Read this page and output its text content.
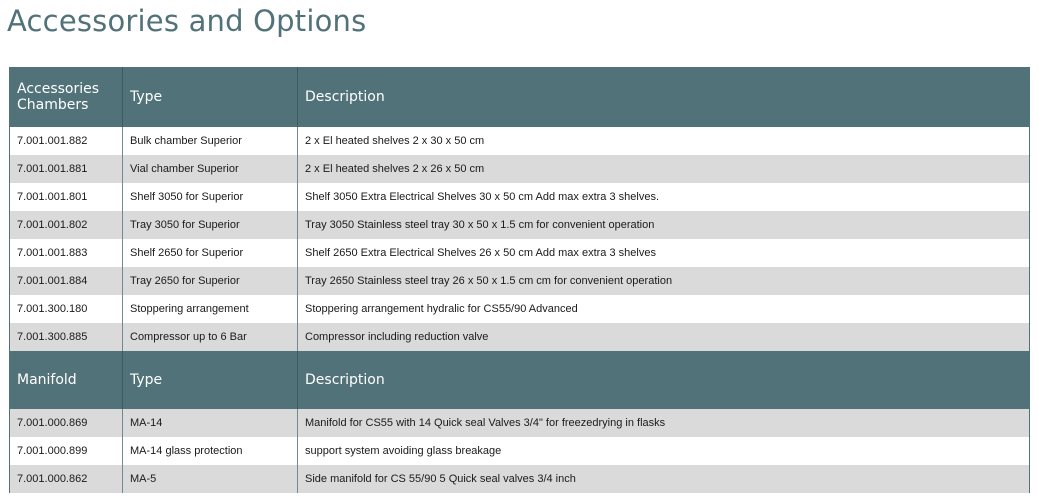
Accessories and Options
Accessories Chambers	Type	Description
7.001.001.882	Bulk chamber Superior	2 x El heated shelves 2 x 30 x 50 cm
7.001.001.881	Vial chamber Superior	2 x El heated shelves 2 x 26 x 50 cm
7.001.001.801	Shelf 3050 for Superior	Shelf 3050 Extra Electrical Shelves 30 x 50 cm Add max extra 3 shelves.
7.001.001.802	Tray 3050 for Superior	Tray 3050 Stainless steel tray 30 x 50 x 1.5 cm for convenient operation
7.001.001.883	Shelf 2650 for Superior	Shelf 2650 Extra Electrical Shelves 26 x 50 cm Add max extra 3 shelves
7.001.001.884	Tray 2650 for Superior	Tray 2650 Stainless steel tray 26 x 50 x 1.5 cm cm for convenient operation
7.001.300.180	Stoppering arrangement	Stoppering arrangement hydralic for CS55/90 Advanced
7.001.300.885	Compressor up to 6 Bar	Compressor including reduction valve
Manifold	Type	Description
7.001.000.869	MA-14	Manifold for CS55 with 14 Quick seal Valves 3/4" for freezedrying in flasks
7.001.000.899	MA-14 glass protection	support system avoiding glass breakage
7.001.000.862	MA-5	Side manifold for CS 55/90 5 Quick seal valves 3/4 inch
